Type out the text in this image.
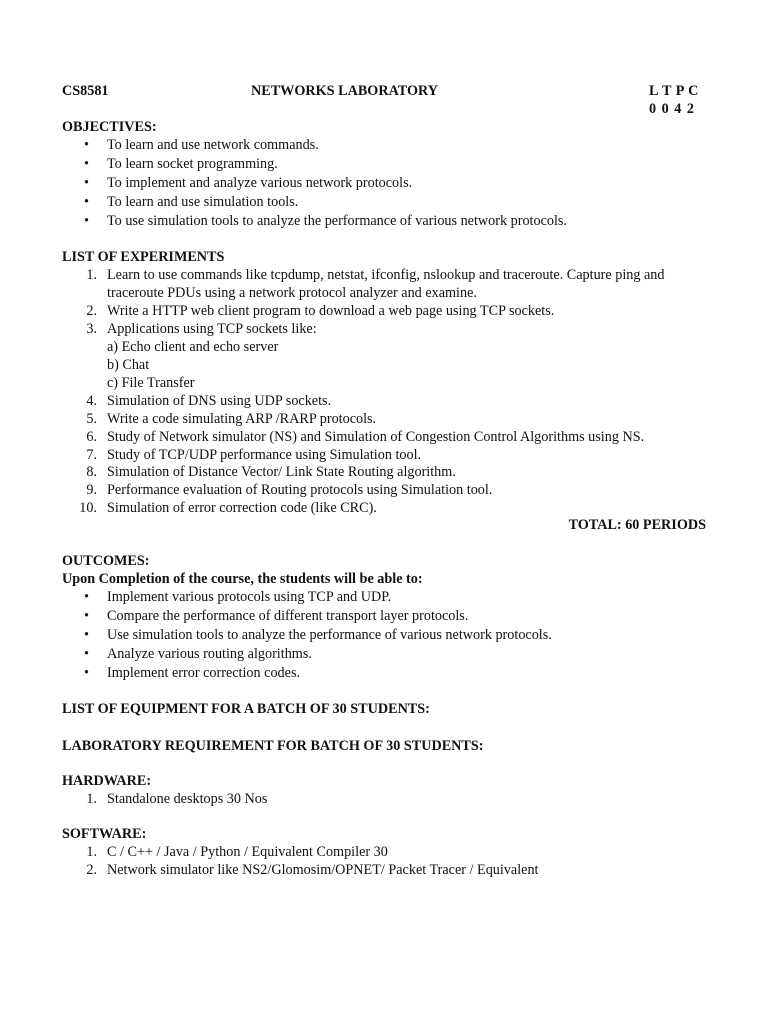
CS8581	NETWORKS LABORATORY	L T P C
0 0 4 2
OBJECTIVES:
• To learn and use network commands.
• To learn socket programming.
• To implement and analyze various network protocols.
• To learn and use simulation tools.
• To use simulation tools to analyze the performance of various network protocols.
LIST OF EXPERIMENTS
1. Learn to use commands like tcpdump, netstat, ifconfig, nslookup and traceroute. Capture ping and
traceroute PDUs using a network protocol analyzer and examine.
2. Write a HTTP web client program to download a web page using TCP sockets.
3. Applications using TCP sockets like:
a) Echo client and echo server
b) Chat
c) File Transfer
4. Simulation of DNS using UDP sockets.
5. Write a code simulating ARP /RARP protocols.
6. Study of Network simulator (NS) and Simulation of Congestion Control Algorithms using NS.
7. Study of TCP/UDP performance using Simulation tool.
8. Simulation of Distance Vector/ Link State Routing algorithm.
9. Performance evaluation of Routing protocols using Simulation tool.
10. Simulation of error correction code (like CRC).
TOTAL: 60 PERIODS
OUTCOMES:
Upon Completion of the course, the students will be able to:
• Implement various protocols using TCP and UDP.
• Compare the performance of different transport layer protocols.
• Use simulation tools to analyze the performance of various network protocols.
• Analyze various routing algorithms.
• Implement error correction codes.
LIST OF EQUIPMENT FOR A BATCH OF 30 STUDENTS:
LABORATORY REQUIREMENT FOR BATCH OF 30 STUDENTS:
HARDWARE:
1. Standalone desktops 30 Nos
SOFTWARE:
1. C / C++ / Java / Python / Equivalent Compiler 30
2. Network simulator like NS2/Glomosim/OPNET/ Packet Tracer / Equivalent
